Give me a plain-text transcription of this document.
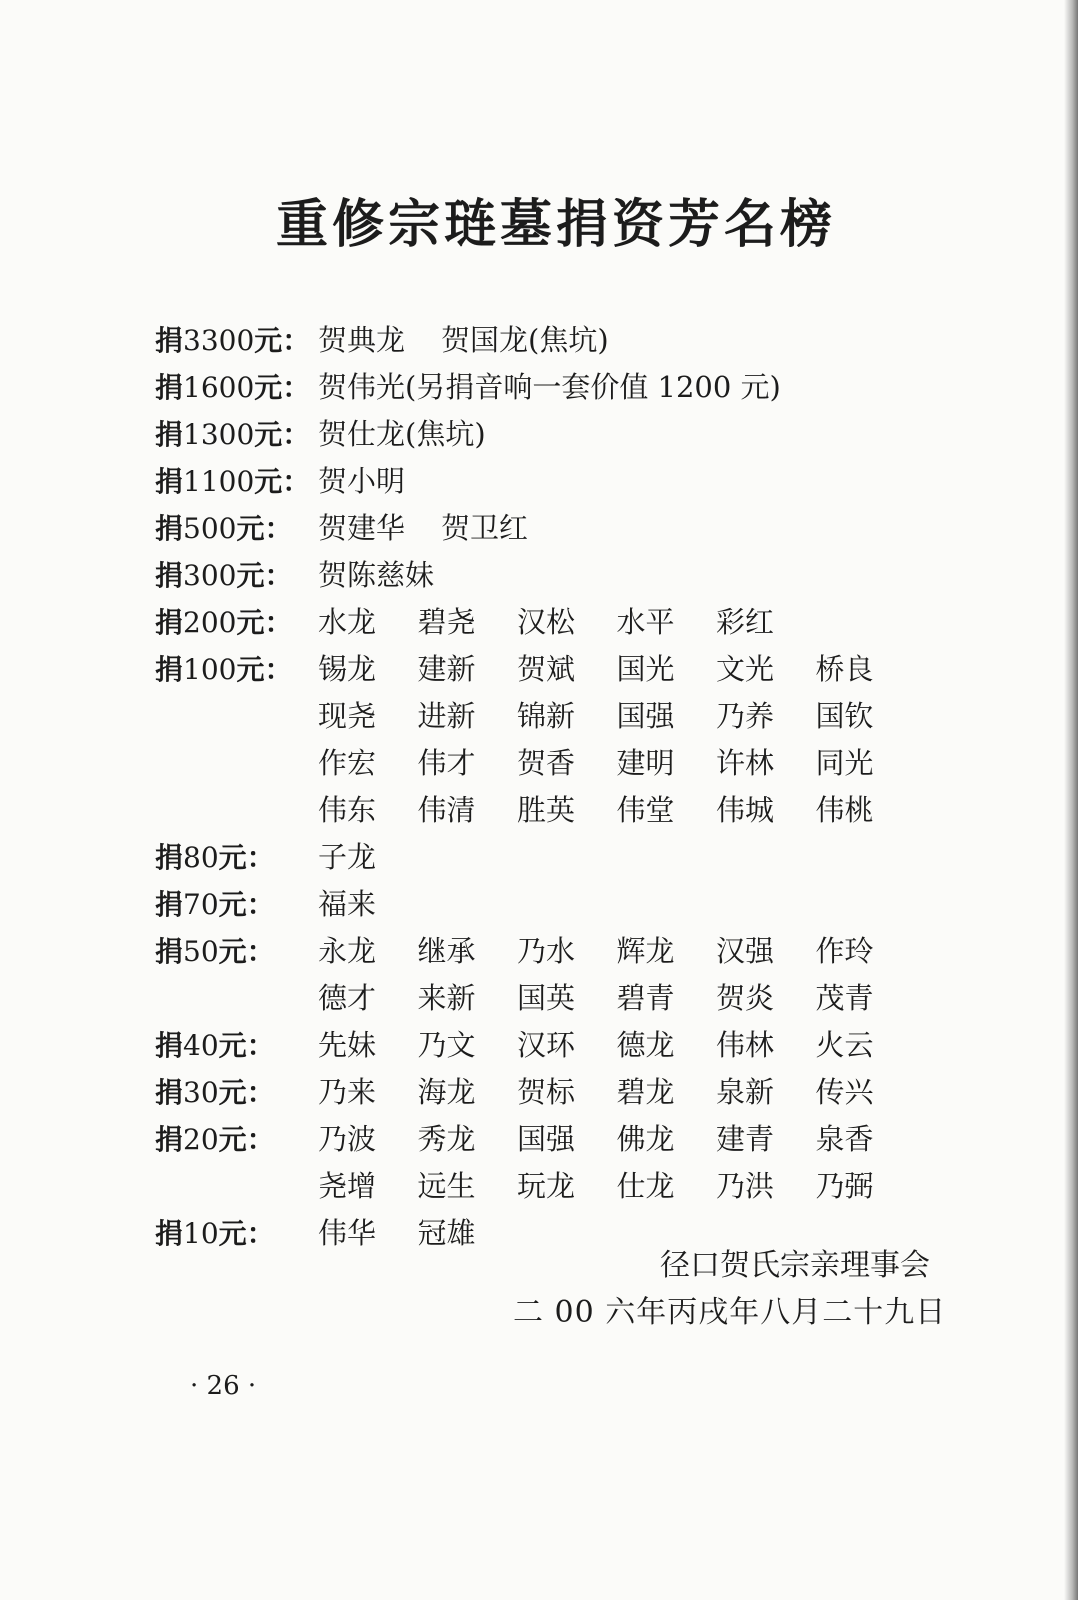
重修宗琏墓捐资芳名榜
捐3300元： 贺典龙 贺国龙(焦坑)
捐1600元： 贺伟光(另捐音响一套价值 1200 元)
捐1300元： 贺仕龙(焦坑)
捐1100元： 贺小明
捐500元： 贺建华 贺卫红
捐300元： 贺陈慈妹
捐200元： 水龙	碧尧	汉松	水平	彩红
捐100元： 锡龙	建新	贺斌	国光	文光	桥良
现尧	进新	锦新	国强	乃养	国钦
作宏	伟才	贺香	建明	许林	同光
伟东	伟清	胜英	伟堂	伟城	伟桃
捐80元：	子龙
捐70元：	福来
捐50元：	永龙	继承	乃水	辉龙	汉强	作玲
德才	来新	国英	碧青	贺炎	茂青
捐40元：	先妹	乃文	汉环	德龙	伟林	火云
捐30元：	乃来	海龙	贺标	碧龙	泉新	传兴
捐20元：	乃波	秀龙	国强	佛龙	建青	泉香
尧增	远生	玩龙	仕龙	乃洪	乃弼
捐10元：	伟华	冠雄
径口贺氏宗亲理事会
二 00 六年丙戌年八月二十九日
· 26 ·
